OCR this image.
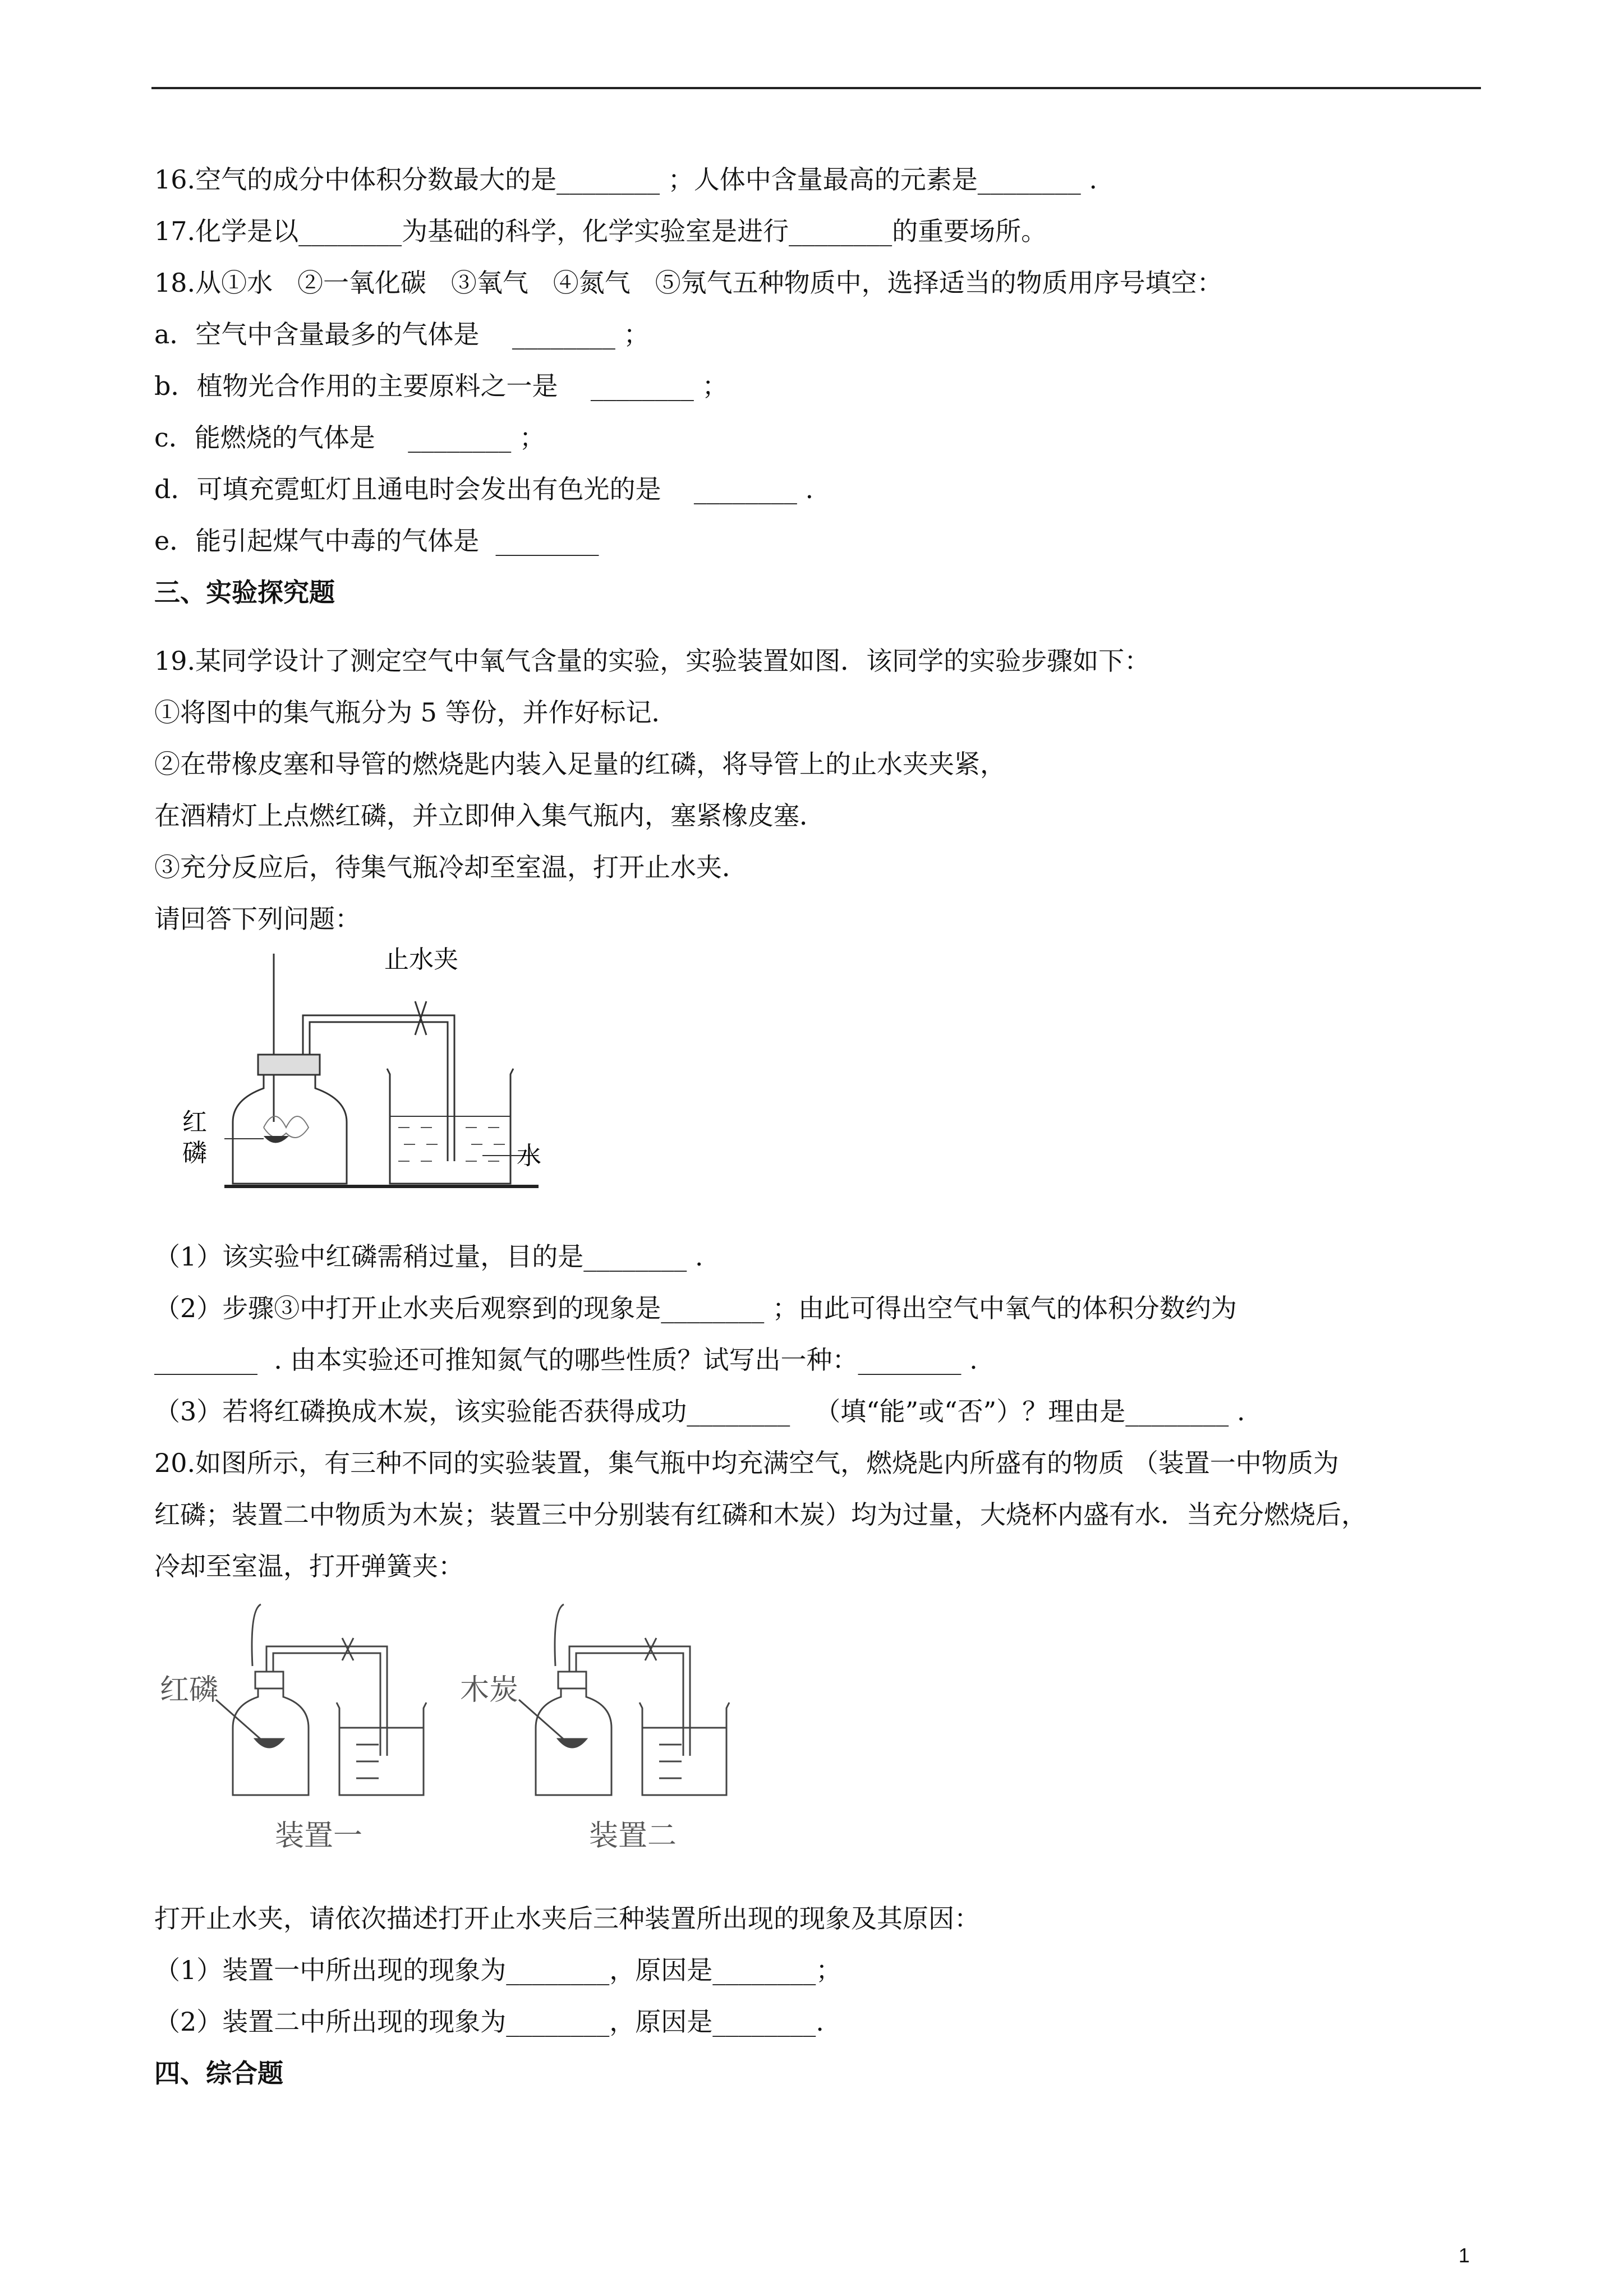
16.空气的成分中体积分数最大的是________ ；人体中含量最高的元素是________ .
17.化学是以________为基础的科学，化学实验室是进行________的重要场所。
18.从①水   ②一氧化碳   ③氧气   ④氮气   ⑤氖气五种物质中，选择适当的物质用序号填空：
a．空气中含量最多的气体是    ________ ；
b．植物光合作用的主要原料之一是    ________ ；
c．能燃烧的气体是    ________ ；
d．可填充霓虹灯且通电时会发出有色光的是    ________ .
e．能引起煤气中毒的气体是  ________
三、实验探究题
19.某同学设计了测定空气中氧气含量的实验，实验装置如图．该同学的实验步骤如下：
①将图中的集气瓶分为 5 等份，并作好标记．
②在带橡皮塞和导管的燃烧匙内装入足量的红磷，将导管上的止水夹夹紧，
在酒精灯上点燃红磷，并立即伸入集气瓶内，塞紧橡皮塞．
③充分反应后，待集气瓶冷却至室温，打开止水夹．
请回答下列问题：
止水夹
红
磷	水
（1）该实验中红磷需稍过量，目的是________ .
（2）步骤③中打开止水夹后观察到的现象是________ ；由此可得出空气中氧气的体积分数约为
________  . 由本实验还可推知氮气的哪些性质？试写出一种：________ .
（3）若将红磷换成木炭，该实验能否获得成功________   （填“能”或“否”）？理由是________ .
20.如图所示，有三种不同的实验装置，集气瓶中均充满空气，燃烧匙内所盛有的物质 （装置一中物质为
红磷；装置二中物质为木炭；装置三中分别装有红磷和木炭）均为过量，大烧杯内盛有水．当充分燃烧后，
冷却至室温，打开弹簧夹：
红磷	木炭
装置一	装置二
打开止水夹，请依次描述打开止水夹后三种装置所出现的现象及其原因：
（1）装置一中所出现的现象为________，原因是________；
（2）装置二中所出现的现象为________，原因是________.
四、综合题
1
